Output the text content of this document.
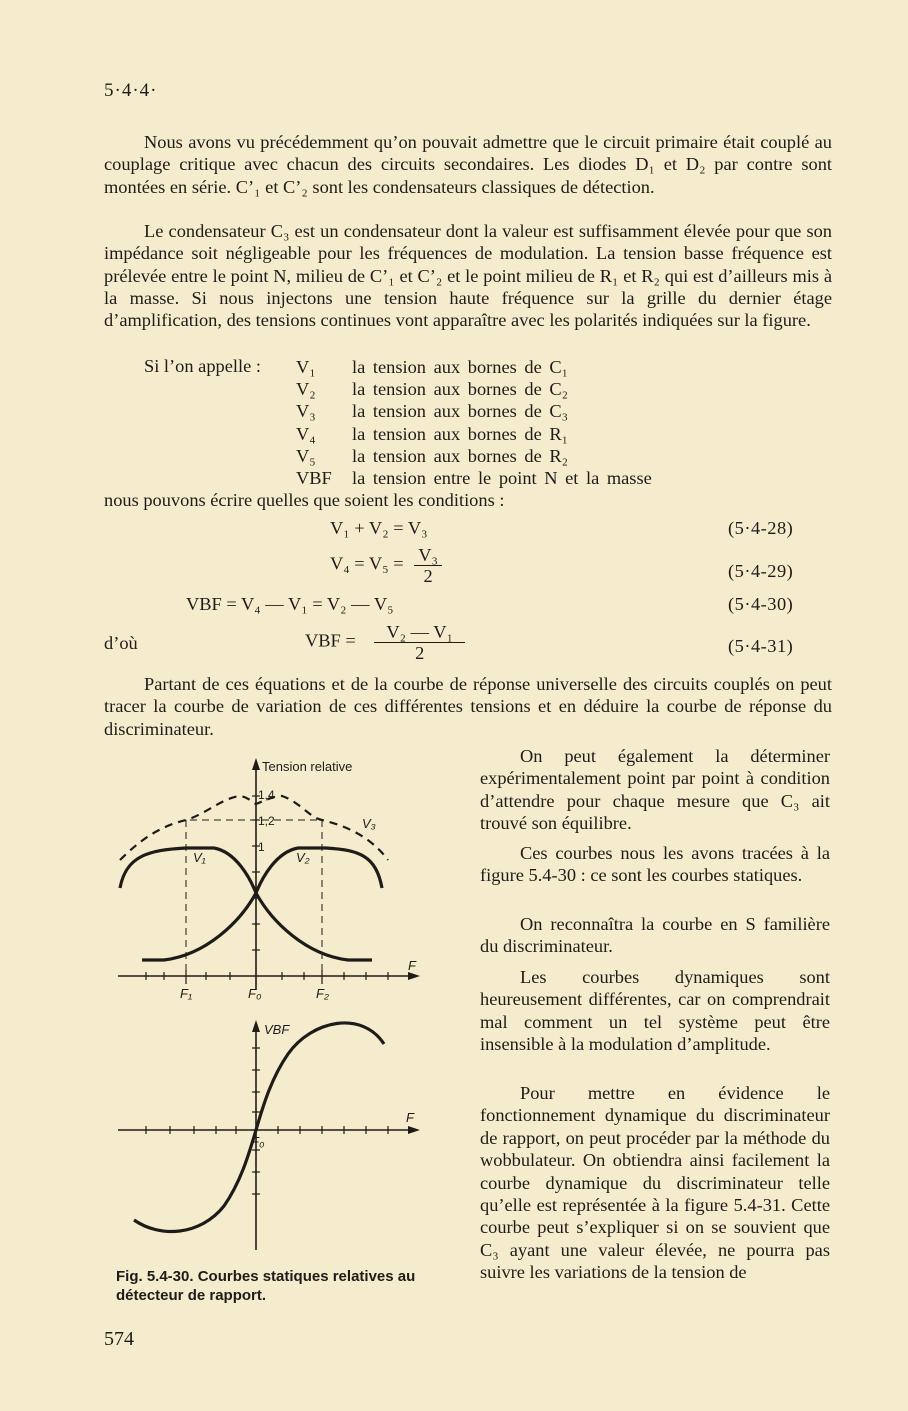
5·4·4·
Nous avons vu précédemment qu’on pouvait admettre que le circuit primaire était couplé au couplage critique avec chacun des circuits secondaires. Les diodes D₁ et D₂ par contre sont montées en série. C’₁ et C’₂ sont les condensateurs classiques de détection.
Le condensateur C₃ est un condensateur dont la valeur est suffisamment élevée pour que son impédance soit négligeable pour les fréquences de modulation. La tension basse fréquence est prélevée entre le point N, milieu de C’₁ et C’₂ et le point milieu de R₁ et R₂ qui est d’ailleurs mis à la masse. Si nous injectons une tension haute fréquence sur la grille du dernier étage d’amplification, des tensions continues vont apparaître avec les polarités indiquées sur la figure.
Si l’on appelle : V₁	la tension aux bornes de C₁
V₂	la tension aux bornes de C₂
V₃	la tension aux bornes de C₃
V₄	la tension aux bornes de R₁
V₅	la tension aux bornes de R₂
VBF	la tension entre le point N et la masse
nous pouvons écrire quelles que soient les conditions :
V₁ + V₂ = V₃	(5·4-28)
$V_4 = V_5 = \frac{\text{V₃}}{2}$	(5·4-29)
VBF = V₄ — V₁ = V₂ — V₅	(5·4-30)
d’où	VBF = $\frac{\text{V₂ — V₁}}{2}$	(5·4-31)
Partant de ces équations et de la courbe de réponse universelle des circuits couplés on peut tracer la courbe de variation de ces différentes tensions et en déduire la courbe de réponse du discriminateur.
On peut également la déterminer expérimentalement point par point à condition d’attendre pour chaque mesure que C₃ ait trouvé son équilibre.
Ces courbes nous les avons tracées à la figure 5.4-30 : ce sont les courbes statiques.
On reconnaîtra la courbe en S familière du discriminateur.
Les courbes dynamiques sont heureusement différentes, car on comprendrait mal comment un tel système peut être insensible à la modulation d’amplitude.
Pour mettre en évidence le fonctionnement dynamique du discriminateur de rapport, on peut procéder par la méthode du wobbulateur. On obtiendra ainsi facilement la courbe dynamique du discriminateur telle qu’elle est représentée à la figure 5.4-31. Cette courbe peut s’expliquer si on se souvient que C₃ ayant une valeur élevée, ne pourra pas suivre les variations de la tension de
Tension relative
1,4
1,2
1
V₁	V₂
V₃
F
F₁	F₀	F₂
VBF
F
F₀
Fig. 5.4-30. Courbes statiques relatives au détecteur de rapport.
574
